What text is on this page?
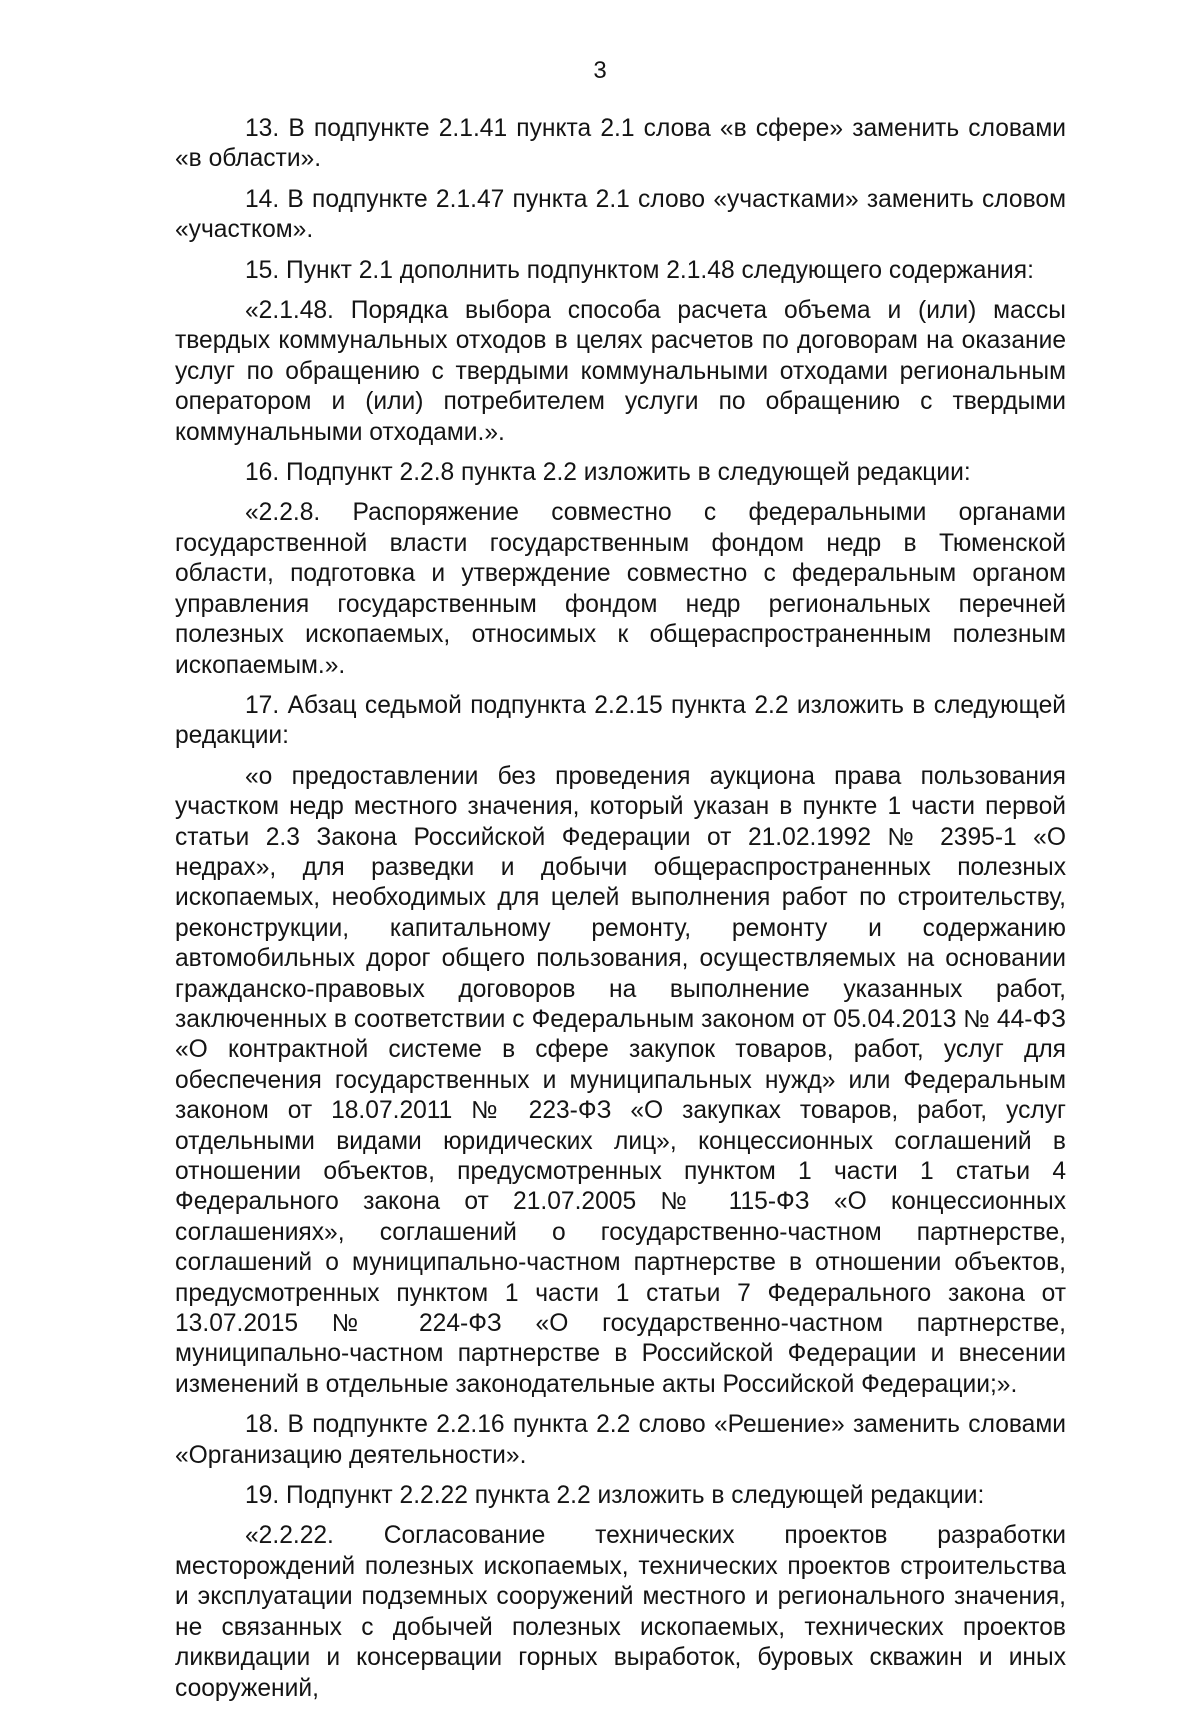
3

13. В подпункте 2.1.41 пункта 2.1 слова «в сфере» заменить словами «в области».

14. В подпункте 2.1.47 пункта 2.1 слово «участками» заменить словом «участком».

15. Пункт 2.1 дополнить подпунктом 2.1.48 следующего содержания:

«2.1.48. Порядка выбора способа расчета объема и (или) массы твердых коммунальных отходов в целях расчетов по договорам на оказание услуг по обращению с твердыми коммунальными отходами региональным оператором и (или) потребителем услуги по обращению с твердыми коммунальными отходами.».

16. Подпункт 2.2.8 пункта 2.2 изложить в следующей редакции:

«2.2.8. Распоряжение совместно с федеральными органами государственной власти государственным фондом недр в Тюменской области, подготовка и утверждение совместно с федеральным органом управления государственным фондом недр региональных перечней полезных ископаемых, относимых к общераспространенным полезным ископаемым.».

17. Абзац седьмой подпункта 2.2.15 пункта 2.2 изложить в следующей редакции:

«о предоставлении без проведения аукциона права пользования участком недр местного значения, который указан в пункте 1 части первой статьи 2.3 Закона Российской Федерации от 21.02.1992 № 2395-1 «О недрах», для разведки и добычи общераспространенных полезных ископаемых, необходимых для целей выполнения работ по строительству, реконструкции, капитальному ремонту, ремонту и содержанию автомобильных дорог общего пользования, осуществляемых на основании гражданско-правовых договоров на выполнение указанных работ, заключенных в соответствии с Федеральным законом от 05.04.2013 № 44-ФЗ «О контрактной системе в сфере закупок товаров, работ, услуг для обеспечения государственных и муниципальных нужд» или Федеральным законом от 18.07.2011 № 223-ФЗ «О закупках товаров, работ, услуг отдельными видами юридических лиц», концессионных соглашений в отношении объектов, предусмотренных пунктом 1 части 1 статьи 4 Федерального закона от 21.07.2005 № 115-ФЗ «О концессионных соглашениях», соглашений о государственно-частном партнерстве, соглашений о муниципально-частном партнерстве в отношении объектов, предусмотренных пунктом 1 части 1 статьи 7 Федерального закона от 13.07.2015 № 224-ФЗ «О государственно-частном партнерстве, муниципально-частном партнерстве в Российской Федерации и внесении изменений в отдельные законодательные акты Российской Федерации;».

18. В подпункте 2.2.16 пункта 2.2 слово «Решение» заменить словами «Организацию деятельности».

19. Подпункт 2.2.22 пункта 2.2 изложить в следующей редакции:

«2.2.22. Согласование технических проектов разработки месторождений полезных ископаемых, технических проектов строительства и эксплуатации подземных сооружений местного и регионального значения, не связанных с добычей полезных ископаемых, технических проектов ликвидации и консервации горных выработок, буровых скважин и иных сооружений,
